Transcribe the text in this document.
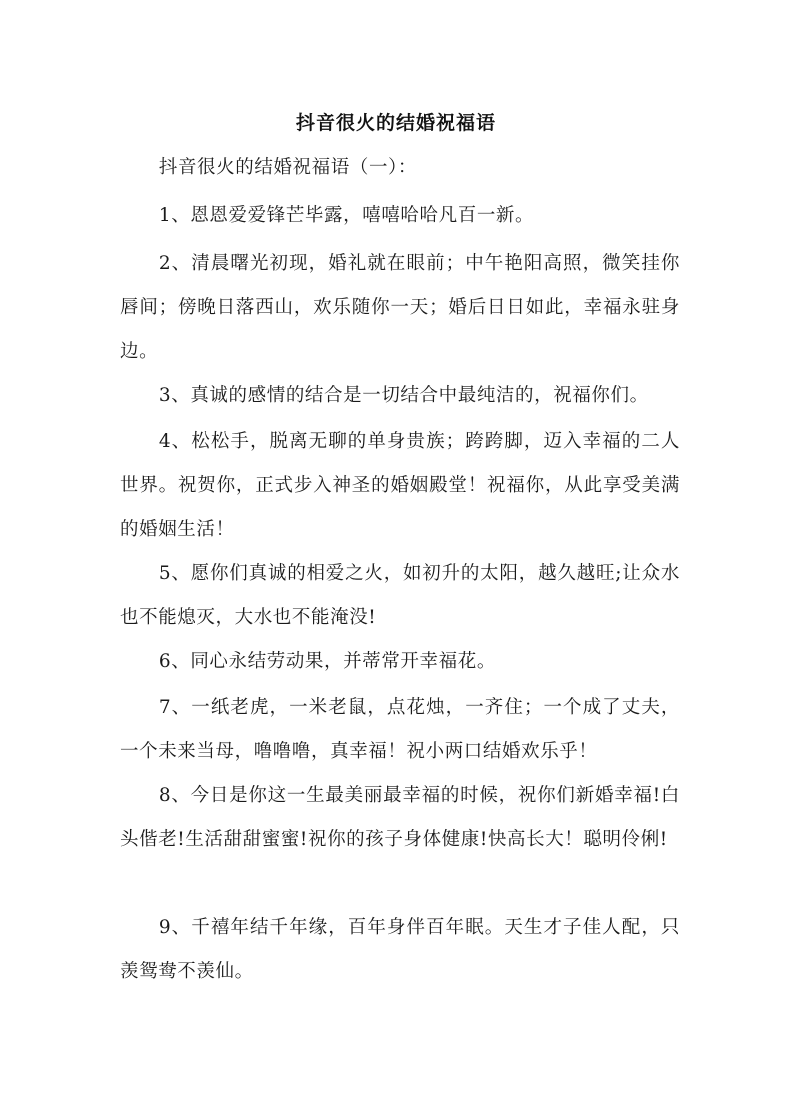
抖音很火的结婚祝福语

抖音很火的结婚祝福语（一）：

1、恩恩爱爱锋芒毕露，嘻嘻哈哈凡百一新。

2、清晨曙光初现，婚礼就在眼前；中午艳阳高照，微笑挂你唇间；傍晚日落西山，欢乐随你一天；婚后日日如此，幸福永驻身边。

3、真诚的感情的结合是一切结合中最纯洁的，祝福你们。

4、松松手，脱离无聊的单身贵族；跨跨脚，迈入幸福的二人世界。祝贺你，正式步入神圣的婚姻殿堂！祝福你，从此享受美满的婚姻生活！

5、愿你们真诚的相爱之火，如初升的太阳，越久越旺;让众水也不能熄灭，大水也不能淹没!

6、同心永结劳动果，并蒂常开幸福花。

7、一纸老虎，一米老鼠，点花烛，一齐住；一个成了丈夫，一个未来当母，噜噜噜，真幸福！祝小两口结婚欢乐乎！

8、今日是你这一生最美丽最幸福的时候，祝你们新婚幸福!白头偕老!生活甜甜蜜蜜!祝你的孩子身体健康!快高长大！聪明伶俐!

9、千禧年结千年缘，百年身伴百年眠。天生才子佳人配，只羡鸳鸯不羡仙。
